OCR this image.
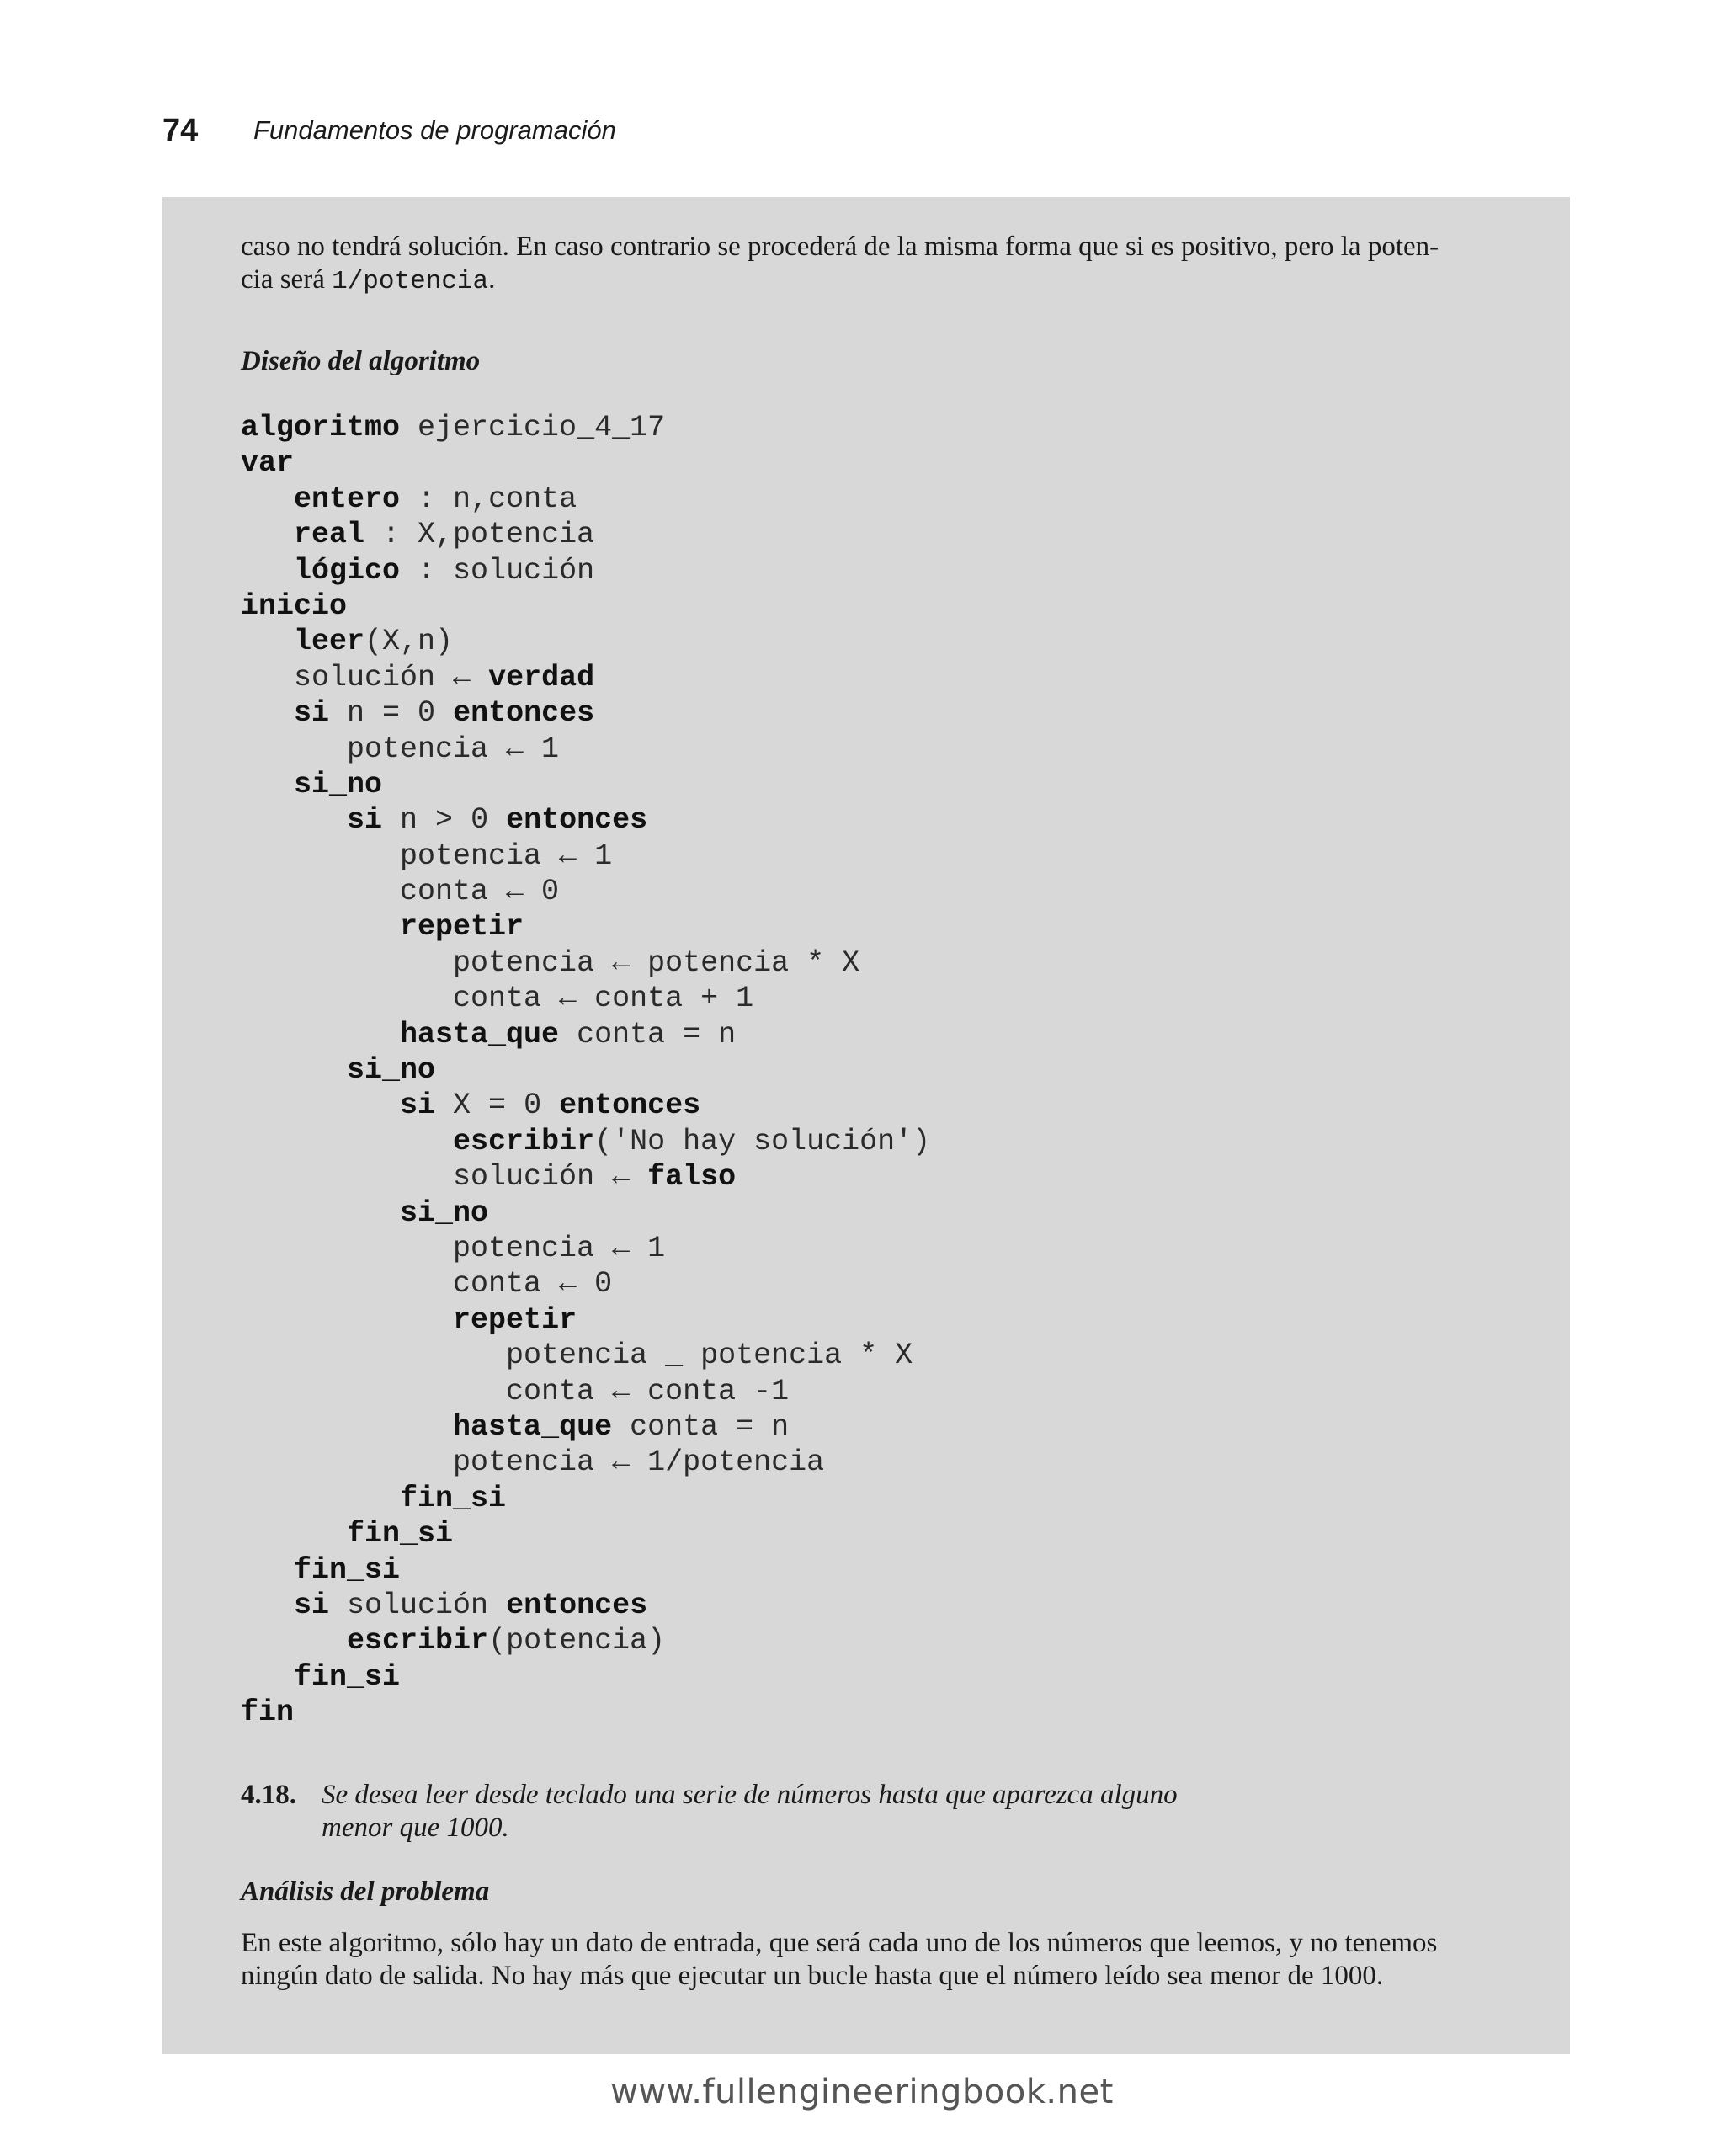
74	Fundamentos de programación

caso no tendrá solución. En caso contrario se procederá de la misma forma que si es positivo, pero la poten-
cia será 1/potencia.

Diseño del algoritmo
algoritmo ejercicio_4_17
var
entero : n,conta
real : X,potencia
lógico : solución
inicio
leer(X,n)
solución ← verdad
si n = 0 entonces
potencia ← 1
si_no
si n > 0 entonces
potencia ← 1
conta ← 0
repetir
potencia ← potencia * X
conta ← conta + 1
hasta_que conta = n
si_no
si X = 0 entonces
escribir('No hay solución')
solución ← falso
si_no
potencia ← 1
conta ← 0
repetir
potencia _ potencia * X
conta ← conta -1
hasta_que conta = n
potencia ← 1/potencia
fin_si
fin_si
fin_si
si solución entonces
escribir(potencia)
fin_si
fin
4.18. Se desea leer desde teclado una serie de números hasta que aparezca alguno
menor que 1000.
Análisis del problema

En este algoritmo, sólo hay un dato de entrada, que será cada uno de los números que leemos, y no tenemos
ningún dato de salida. No hay más que ejecutar un bucle hasta que el número leído sea menor de 1000.

www.fullengineeringbook.net
